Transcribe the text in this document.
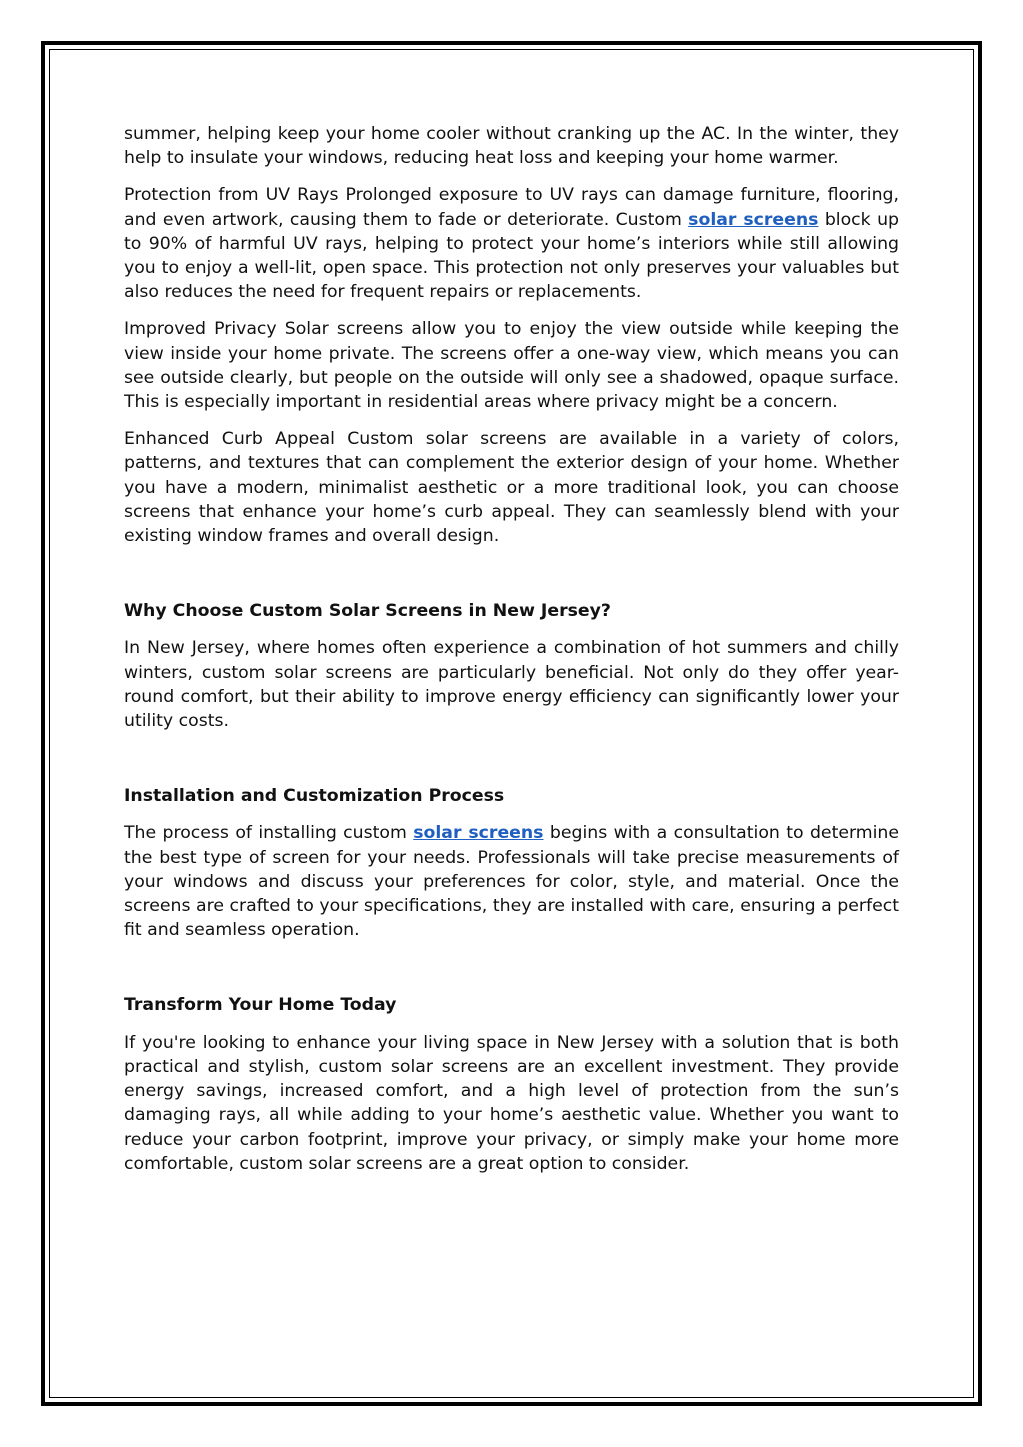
summer, helping keep your home cooler without cranking up the AC. In the winter, they help to insulate your windows, reducing heat loss and keeping your home warmer.

Protection from UV Rays Prolonged exposure to UV rays can damage furniture, flooring, and even artwork, causing them to fade or deteriorate. Custom solar screens block up to 90% of harmful UV rays, helping to protect your home’s interiors while still allowing you to enjoy a well-lit, open space. This protection not only preserves your valuables but also reduces the need for frequent repairs or replacements.

Improved Privacy Solar screens allow you to enjoy the view outside while keeping the view inside your home private. The screens offer a one-way view, which means you can see outside clearly, but people on the outside will only see a shadowed, opaque surface. This is especially important in residential areas where privacy might be a concern.

Enhanced Curb Appeal Custom solar screens are available in a variety of colors, patterns, and textures that can complement the exterior design of your home. Whether you have a modern, minimalist aesthetic or a more traditional look, you can choose screens that enhance your home’s curb appeal. They can seamlessly blend with your existing window frames and overall design.

Why Choose Custom Solar Screens in New Jersey?

In New Jersey, where homes often experience a combination of hot summers and chilly winters, custom solar screens are particularly beneficial. Not only do they offer year-round comfort, but their ability to improve energy efficiency can significantly lower your utility costs.

Installation and Customization Process

The process of installing custom solar screens begins with a consultation to determine the best type of screen for your needs. Professionals will take precise measurements of your windows and discuss your preferences for color, style, and material. Once the screens are crafted to your specifications, they are installed with care, ensuring a perfect fit and seamless operation.

Transform Your Home Today

If you're looking to enhance your living space in New Jersey with a solution that is both practical and stylish, custom solar screens are an excellent investment. They provide energy savings, increased comfort, and a high level of protection from the sun’s damaging rays, all while adding to your home’s aesthetic value. Whether you want to reduce your carbon footprint, improve your privacy, or simply make your home more comfortable, custom solar screens are a great option to consider.
